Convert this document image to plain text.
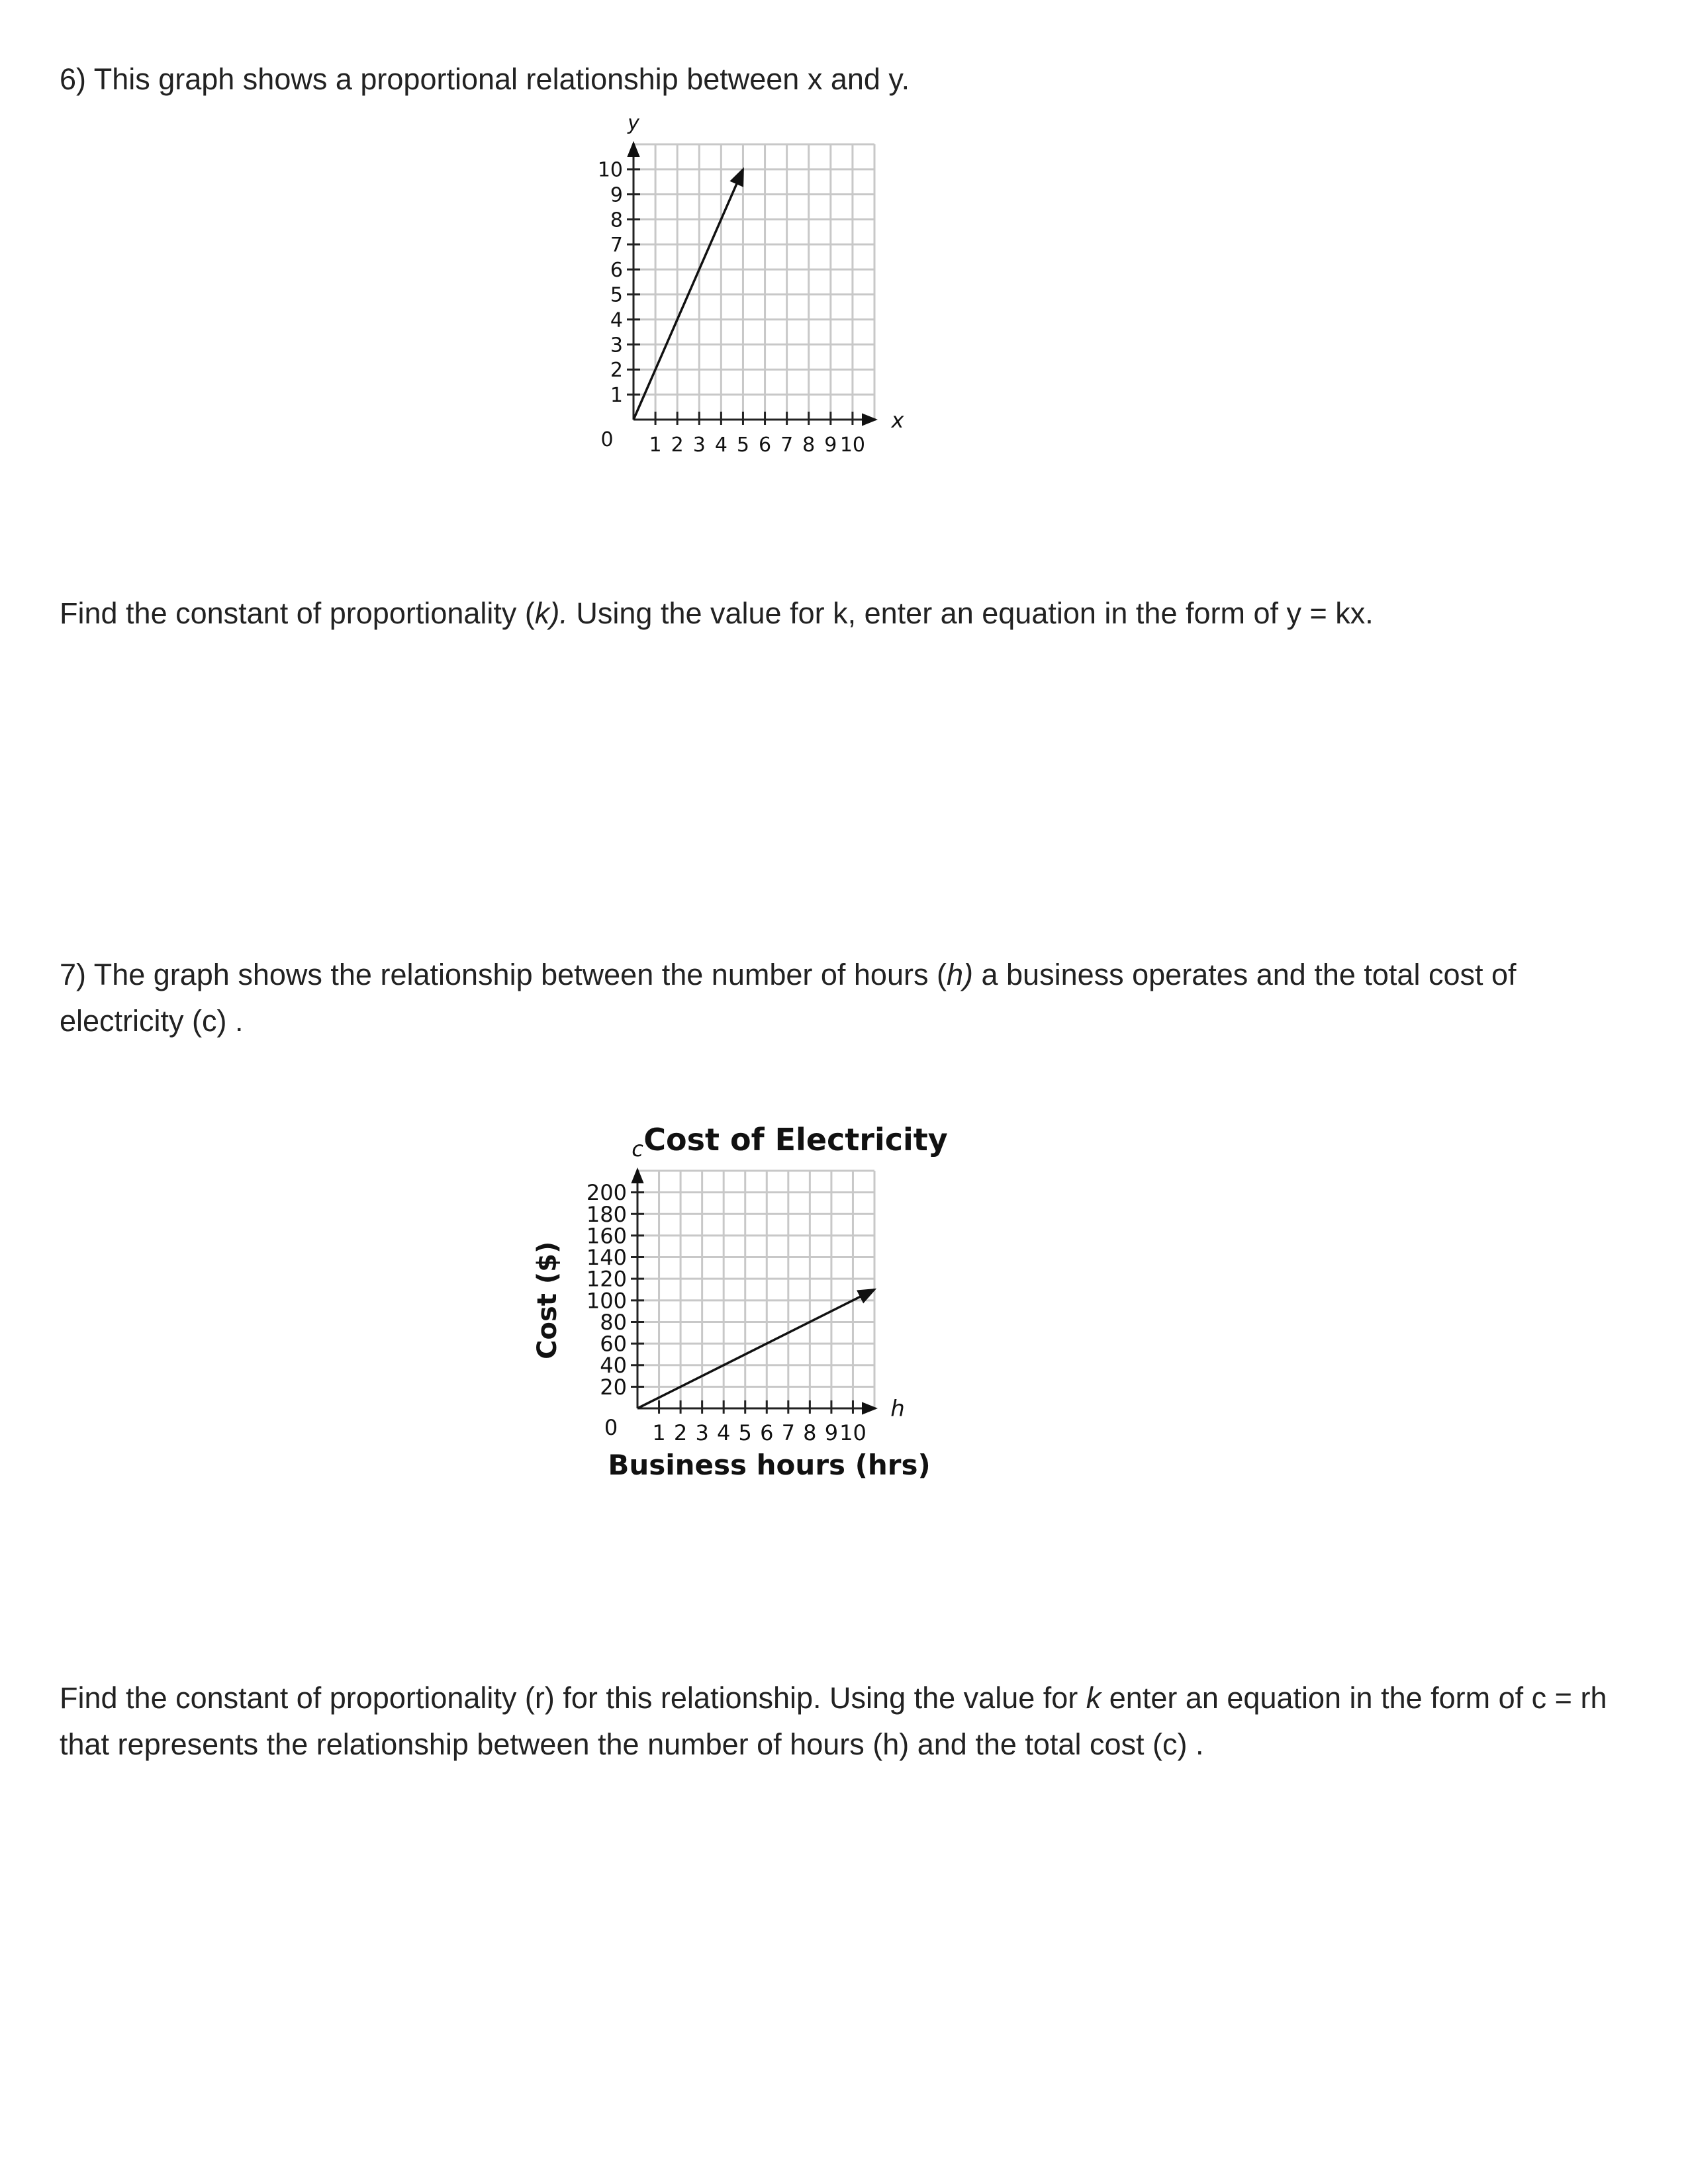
6) This graph shows a proportional relationship between x and y.
1 2 3 4 5 6 7 8 9 10
1
2
3
4
5
6
7
8
9
10
0
x
y
Find the constant of proportionality (k). Using the value for k, enter an equation in the form of y = kx.
7) The graph shows the relationship between the number of hours (h) a business operates and the total cost of electricity (c) .
1 2 3 4 5 6 7 8 9 10
20
40
60
80
100
120
140
160
180
200
0
h
c Cost of Electricity
Business hours (hrs)
Cost ($)
Find the constant of proportionality (r) for this relationship. Using the value for k enter an equation in the form of c = rh that represents the relationship between the number of hours (h) and the total cost (c) .
